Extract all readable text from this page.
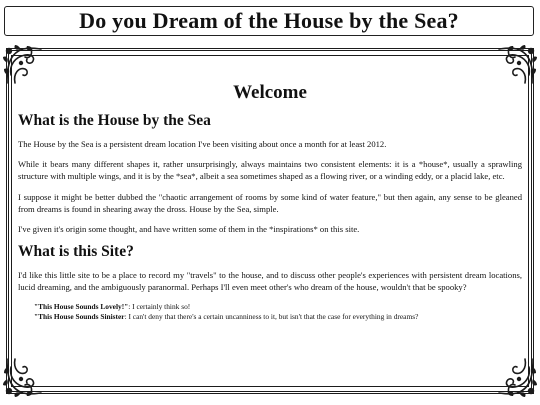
Do you Dream of the House by the Sea?
Welcome
What is the House by the Sea

The House by the Sea is a persistent dream location I've been visiting about once a month for at least 2012.

While it bears many different shapes it, rather unsurprisingly, always maintains two consistent elements: it is a *house*, usually a sprawling structure with multiple wings, and it is by the *sea*, albeit a sea sometimes shaped as a flowing river, or a winding eddy, or a placid lake, etc.

I suppose it might be better dubbed the "chaotic arrangement of rooms by some kind of water feature," but then again, any sense to be gleaned from dreams is found in shearing away the dross. House by the Sea, simple.

I've given it's origin some thought, and have written some of them in the *inspirations* on this site.

What is this Site?

I'd like this little site to be a place to record my "travels" to the house, and to discuss other people's experiences with persistent dream locations, lucid dreaming, and the ambiguously paranormal. Perhaps I'll even meet other's who dream of the house, wouldn't that be spooky?

"This House Sounds Lovely!": I certainly think so!
"This House Sounds Sinister: I can't deny that there's a certain uncanniness to it, but isn't that the case for everything in dreams?
